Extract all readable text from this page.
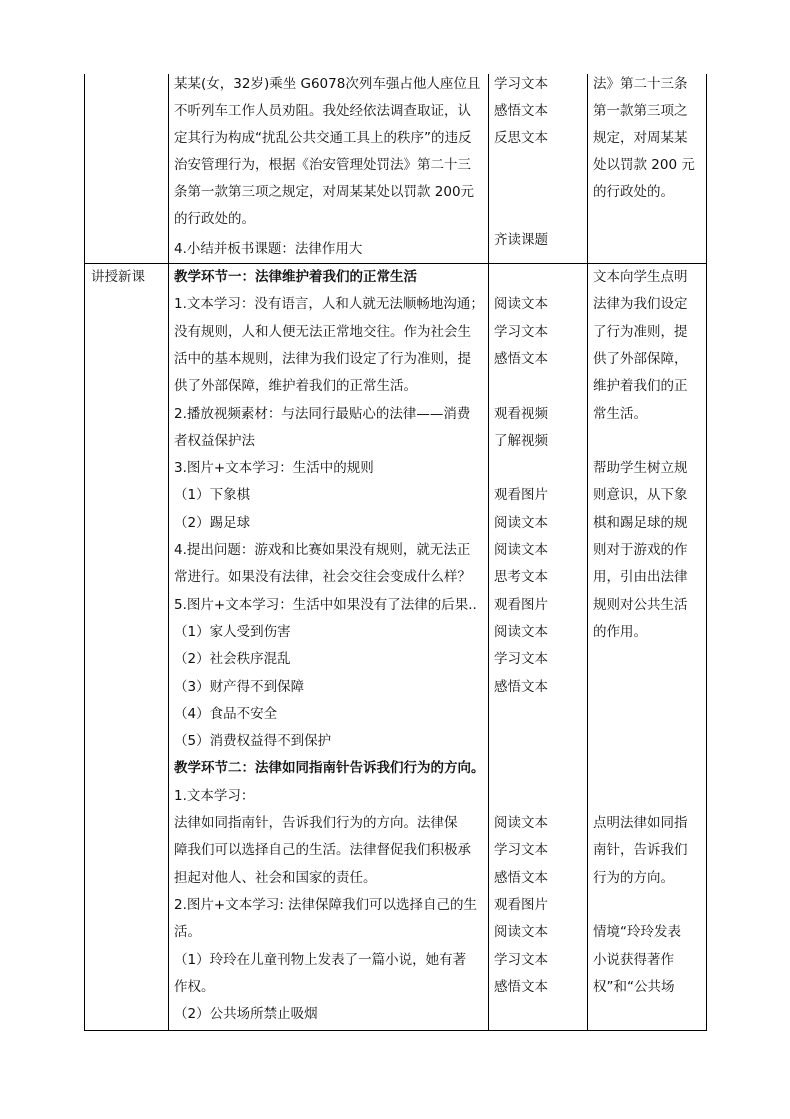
某某(女，32岁)乘坐 G6078次列车强占他人座位且
不听列车工作人员劝阻。我处经依法调查取证，认
定其行为构成“扰乱公共交通工具上的秩序”的违反
治安管理行为，根据《治安管理处罚法》第二十三
条第一款第三项之规定，对周某某处以罚款 200元
的行政处的。
4.小结并板书课题：法律作用大
学习文本
感悟文本
反思文本
齐读课题
法》第二十三条
第一款第三项之
规定，对周某某
处以罚款 200 元
的行政处的。
讲授新课 教学环节一：法律维护着我们的正常生活
1.文本学习：没有语言，人和人就无法顺畅地沟通；
没有规则，人和人便无法正常地交往。作为社会生
活中的基本规则，法律为我们设定了行为准则，提
供了外部保障，维护着我们的正常生活。
2.播放视频素材：与法同行最贴心的法律——消费
者权益保护法
3.图片+文本学习：生活中的规则
（1）下象棋
（2）踢足球
4.提出问题：游戏和比赛如果没有规则，就无法正
常进行。如果没有法律，社会交往会变成什么样？
5.图片+文本学习：生活中如果没有了法律的后果..
（1）家人受到伤害
（2）社会秩序混乱
（3）财产得不到保障
（4）食品不安全
（5）消费权益得不到保护
教学环节二：法律如同指南针告诉我们行为的方向。
1.文本学习：
法律如同指南针，告诉我们行为的方向。法律保
障我们可以选择自己的生活。法律督促我们积极承
担起对他人、社会和国家的责任。
2.图片+文本学习: 法律保障我们可以选择自己的生
活。
（1）玲玲在儿童刊物上发表了一篇小说，她有著
作权。
（2）公共场所禁止吸烟
阅读文本
学习文本
感悟文本
观看视频
了解视频
观看图片
阅读文本
阅读文本
思考文本
观看图片
阅读文本
学习文本
感悟文本
阅读文本
学习文本
感悟文本
观看图片
阅读文本
学习文本
感悟文本
文本向学生点明
法律为我们设定
了行为准则，提
供了外部保障，
维护着我们的正
常生活。
帮助学生树立规
则意识，从下象
棋和踢足球的规
则对于游戏的作
用，引由出法律
规则对公共生活
的作用。
点明法律如同指
南针，告诉我们
行为的方向。
情境“玲玲发表
小说获得著作
权”和“公共场
